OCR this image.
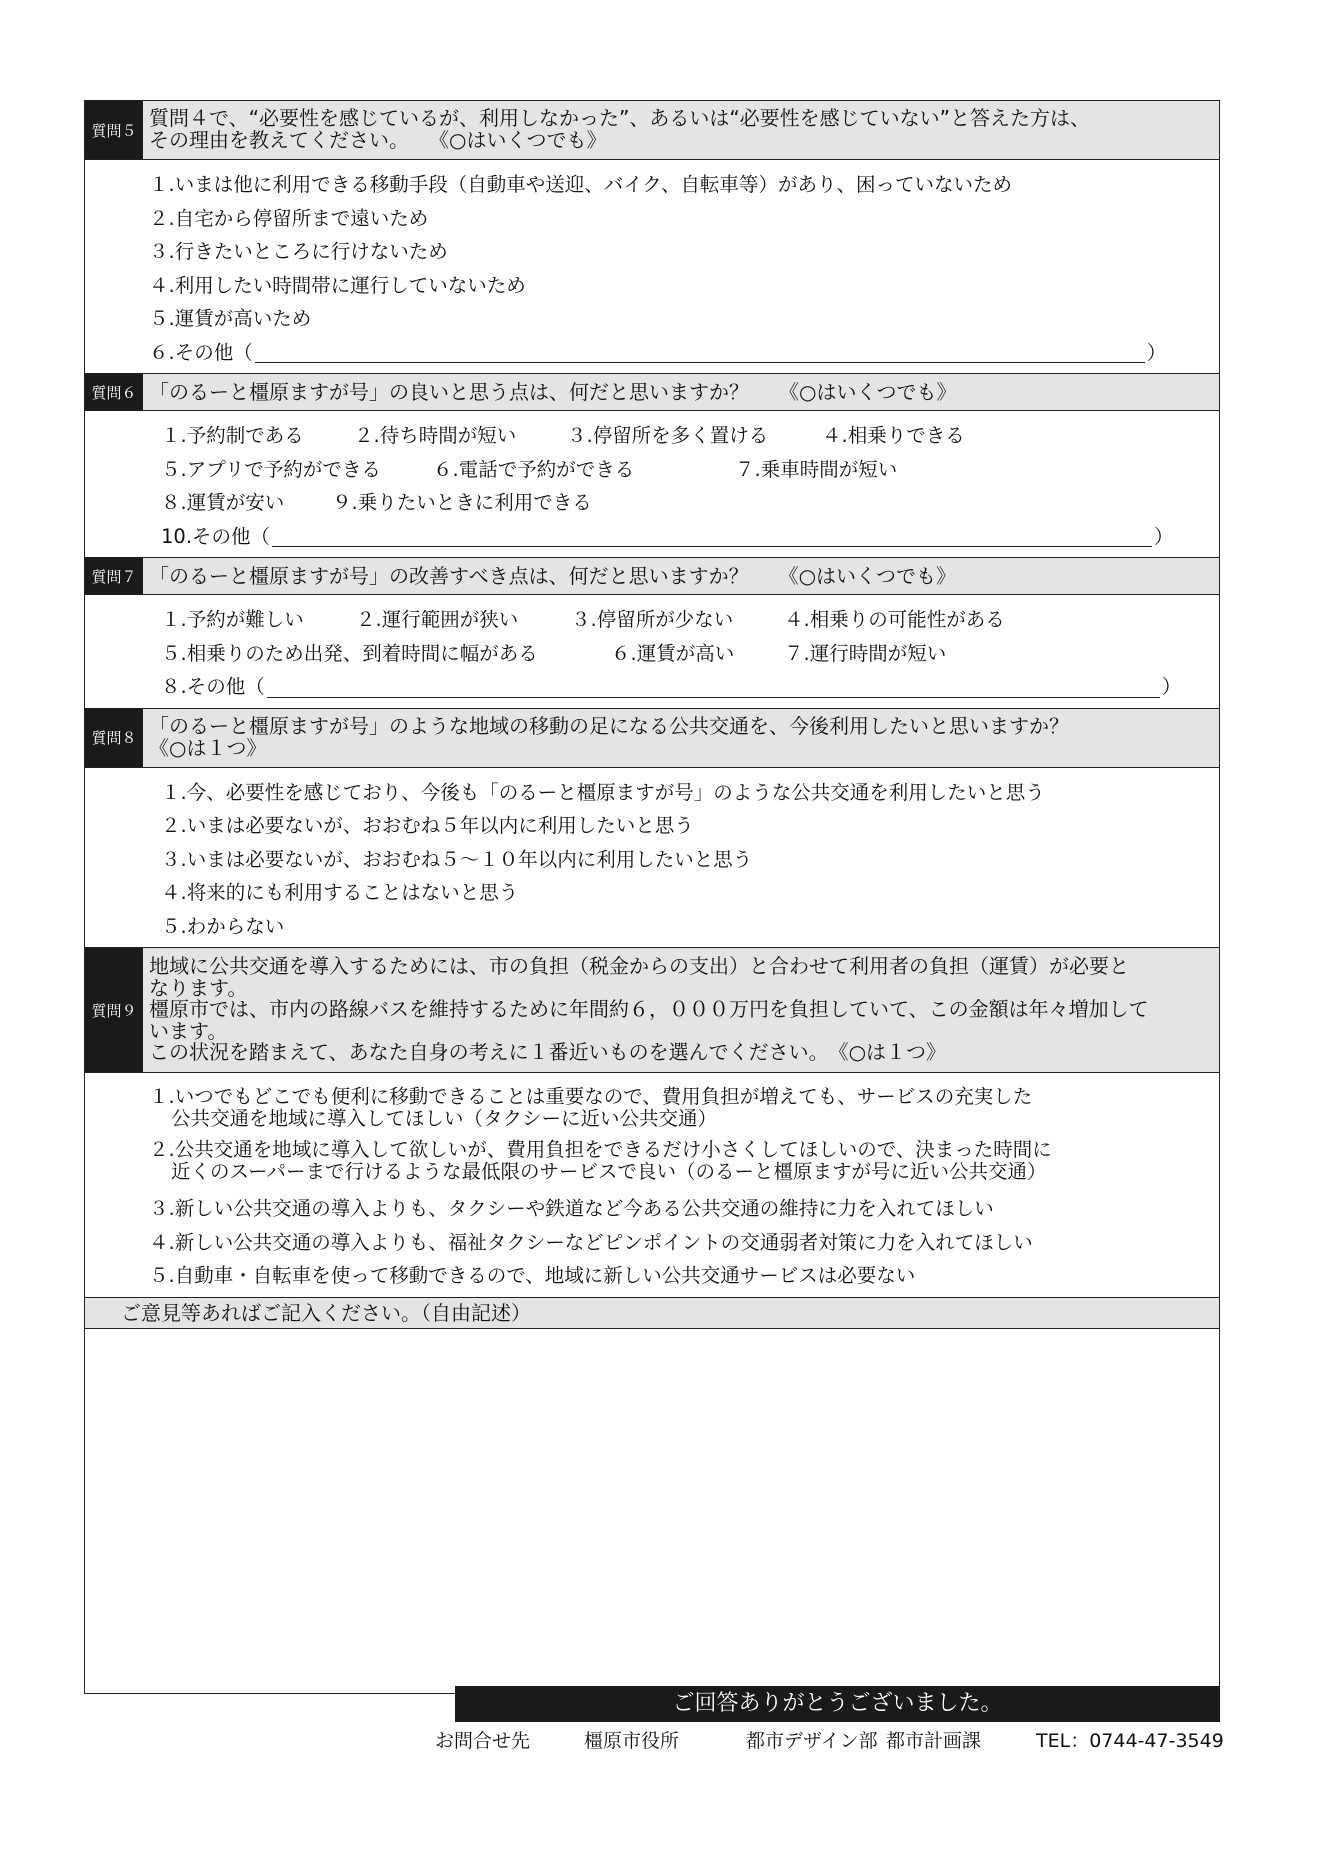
質問５
質問４で、“必要性を感じているが、利用しなかった”、あるいは“必要性を感じていない”と答えた方は、
その理由を教えてください。　　《○はいくつでも》
１.いまは他に利用できる移動手段（自動車や送迎、バイク、自転車等）があり、困っていないため
２.自宅から停留所まで遠いため
３.行きたいところに行けないため
４.利用したい時間帯に運行していないため
５.運賃が高いため
６.その他（	）
質問６ 「のるーと橿原ますが号」の良いと思う点は、何だと思いますか？　　《○はいくつでも》
１.予約制である	２.待ち時間が短い	３.停留所を多く置ける	４.相乗りできる
５.アプリで予約ができる	６.電話で予約ができる	７.乗車時間が短い
８.運賃が安い	９.乗りたいときに利用できる
10.その他（	）
質問７ 「のるーと橿原ますが号」の改善すべき点は、何だと思いますか？　　《○はいくつでも》
１.予約が難しい	２.運行範囲が狭い	３.停留所が少ない	４.相乗りの可能性がある
５.相乗りのため出発、到着時間に幅がある	６.運賃が高い	７.運行時間が短い
８.その他（	）
質問８
「のるーと橿原ますが号」のような地域の移動の足になる公共交通を、今後利用したいと思いますか？
《○は１つ》
１.今、必要性を感じており、今後も「のるーと橿原ますが号」のような公共交通を利用したいと思う
２.いまは必要ないが、おおむね５年以内に利用したいと思う
３.いまは必要ないが、おおむね５～１０年以内に利用したいと思う
４.将来的にも利用することはないと思う
５.わからない
質問９
地域に公共交通を導入するためには、市の負担（税金からの支出）と合わせて利用者の負担（運賃）が必要と
なります。
橿原市では、市内の路線バスを維持するために年間約６，０００万円を負担していて、この金額は年々増加して
います。
この状況を踏まえて、あなた自身の考えに１番近いものを選んでください。　《○は１つ》
１.いつでもどこでも便利に移動できることは重要なので、費用負担が増えても、サービスの充実した
公共交通を地域に導入してほしい（タクシーに近い公共交通）
２.公共交通を地域に導入して欲しいが、費用負担をできるだけ小さくしてほしいので、決まった時間に
近くのスーパーまで行けるような最低限のサービスで良い（のるーと橿原ますが号に近い公共交通）
３.新しい公共交通の導入よりも、タクシーや鉄道など今ある公共交通の維持に力を入れてほしい
４.新しい公共交通の導入よりも、福祉タクシーなどピンポイントの交通弱者対策に力を入れてほしい
５.自動車・自転車を使って移動できるので、地域に新しい公共交通サービスは必要ない
ご意見等あればご記入ください。（自由記述）
ご回答ありがとうございました。
お問合せ先	橿原市役所	都市デザイン部 都市計画課	TEL：0744-47-3549
